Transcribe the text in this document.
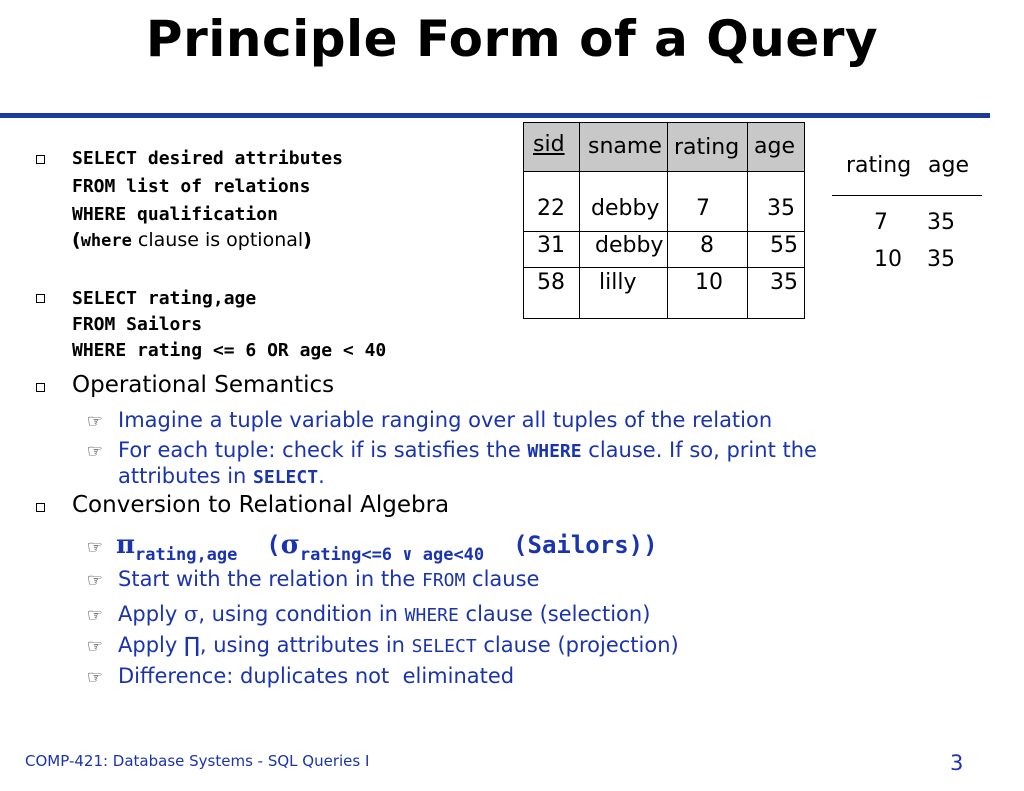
Principle Form of a Query
SELECT desired attributes
FROM list of relations
WHERE qualification
(where clause is optional)
SELECT rating,age
FROM Sailors
WHERE rating <= 6 OR age < 40
sid sname rating age
22 debby 7	35
31 debby 8	55
58 lilly	10 35
rating age
7 35
10 35
Operational Semantics
☞ Imagine a tuple variable ranging over all tuples of the relation
☞ For each tuple: check if is satisfies the WHERE clause. If so, print the
attributes in SELECT.
Conversion to Relational Algebra
☞ πrating,age (σrating<=6 ∨ age<40 (Sailors))
☞ Start with the relation in the FROM clause
☞ Apply σ, using condition in WHERE clause (selection)
☞ Apply ∏, using attributes in SELECT clause (projection)
☞ Difference: duplicates not  eliminated
COMP-421: Database Systems - SQL Queries I	3
